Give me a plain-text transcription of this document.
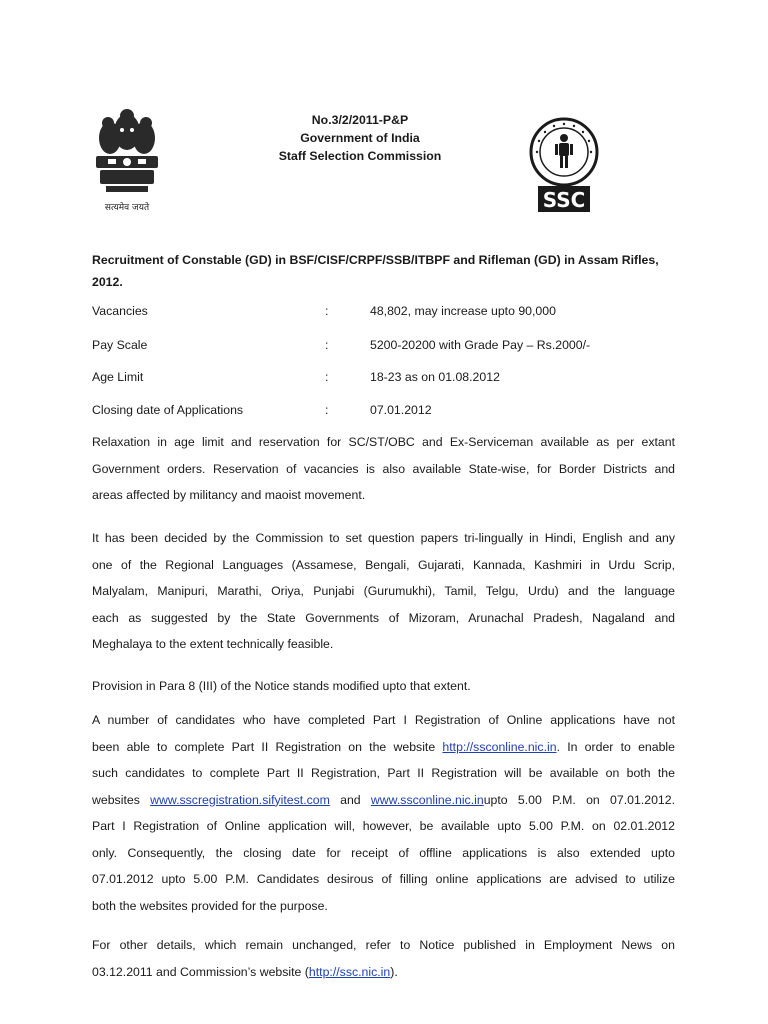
सत्यमेव जयते
No.3/2/2011-P&P
Government of India
Staff Selection Commission
SSC
Recruitment of Constable (GD) in BSF/CISF/CRPF/SSB/ITBPF and Rifleman (GD) in Assam Rifles,
2012.
Vacancies	:	48,802, may increase upto 90,000
Pay Scale	:	5200-20200 with Grade Pay – Rs.2000/-
Age Limit	:	18-23 as on 01.08.2012
Closing date of Applications	:	07.01.2012
Relaxation in age limit and reservation for SC/ST/OBC and Ex-Serviceman available as per extant
Government orders. Reservation of vacancies is also available State-wise, for Border Districts and
areas affected by militancy and maoist movement.
It has been decided by the Commission to set question papers tri-lingually in Hindi, English and any
one of the Regional Languages (Assamese, Bengali, Gujarati, Kannada, Kashmiri in Urdu Scrip,
Malyalam, Manipuri, Marathi, Oriya, Punjabi (Gurumukhi), Tamil, Telgu, Urdu) and the language
each as suggested by the State Governments of Mizoram, Arunachal Pradesh, Nagaland and
Meghalaya to the extent technically feasible.
Provision in Para 8 (III) of the Notice stands modified upto that extent.
A number of candidates who have completed Part I Registration of Online applications have not
been able to complete Part II Registration on the website http://ssconline.nic.in. In order to enable
such candidates to complete Part II Registration, Part II Registration will be available on both the
websites www.sscregistration.sifyitest.com and www.ssconline.nic.inupto 5.00 P.M. on 07.01.2012.
Part I Registration of Online application will, however, be available upto 5.00 P.M. on 02.01.2012
only. Consequently, the closing date for receipt of offline applications is also extended upto
07.01.2012 upto 5.00 P.M. Candidates desirous of filling online applications are advised to utilize
both the websites provided for the purpose.
For other details, which remain unchanged, refer to Notice published in Employment News on
03.12.2011 and Commission’s website (http://ssc.nic.in).
